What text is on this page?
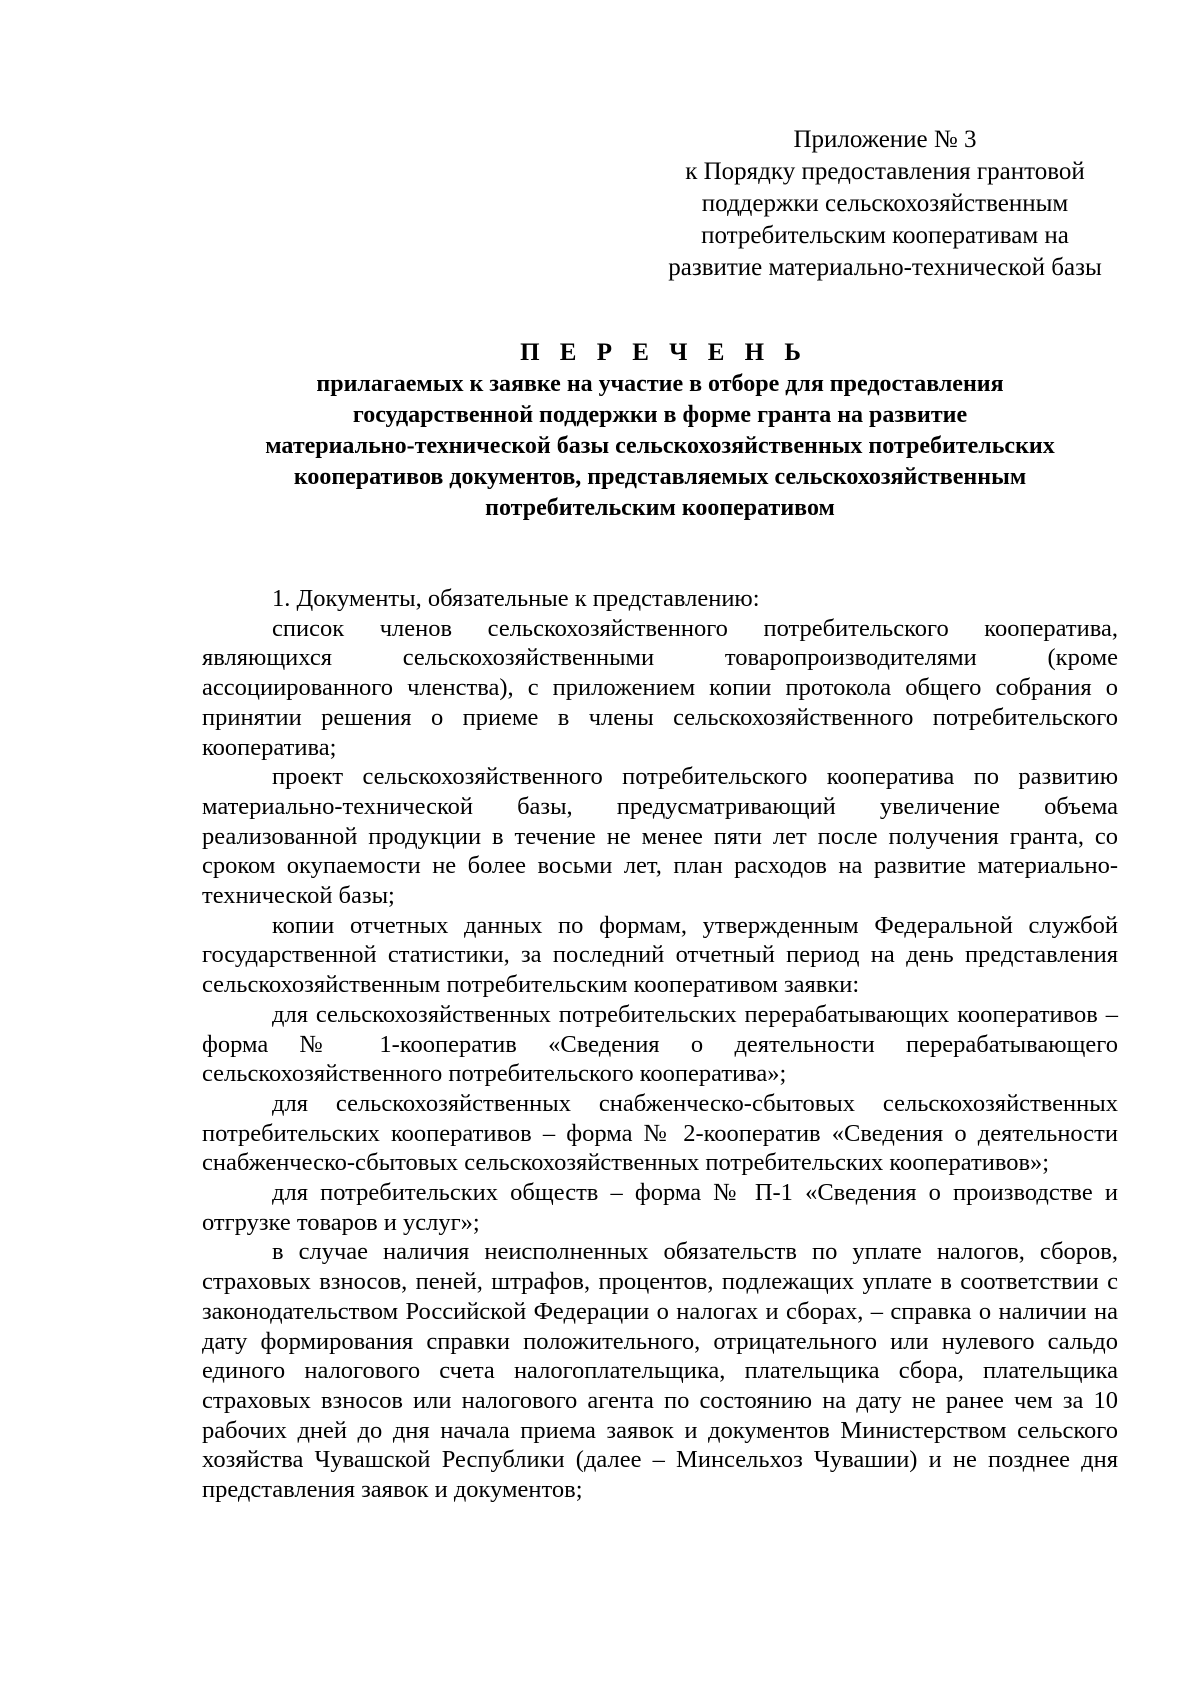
Приложение № 3
к Порядку предоставления грантовой
поддержки сельскохозяйственным
потребительским кооперативам на
развитие материально-технической базы
П Е Р Е Ч Е Н Ь
прилагаемых к заявке на участие в отборе для предоставления
государственной поддержки в форме гранта на развитие
материально-технической базы сельскохозяйственных потребительских
кооперативов документов, представляемых сельскохозяйственным
потребительским кооперативом

1. Документы, обязательные к представлению:

список членов сельскохозяйственного потребительского кооператива, являющихся сельскохозяйственными товаропроизводителями (кроме ассоциированного членства), с приложением копии протокола общего собрания о принятии решения о приеме в члены сельскохозяйственного потребительского кооператива;

проект сельскохозяйственного потребительского кооператива по развитию материально-технической базы, предусматривающий увеличение объема реализованной продукции в течение не менее пяти лет после получения гранта, со сроком окупаемости не более восьми лет, план расходов на развитие материально-технической базы;

копии отчетных данных по формам, утвержденным Федеральной службой государственной статистики, за последний отчетный период на день представления сельскохозяйственным потребительским кооперативом заявки:

для сельскохозяйственных потребительских перерабатывающих кооперативов – форма № 1-кооператив «Сведения о деятельности перерабатывающего сельскохозяйственного потребительского кооператива»;

для сельскохозяйственных снабженческо-сбытовых сельскохозяйственных потребительских кооперативов – форма № 2-кооператив «Сведения о деятельности снабженческо-сбытовых сельскохозяйственных потребительских кооперативов»;

для потребительских обществ – форма № П-1 «Сведения о производстве и отгрузке товаров и услуг»;

в случае наличия неисполненных обязательств по уплате налогов, сборов, страховых взносов, пеней, штрафов, процентов, подлежащих уплате в соответствии с законодательством Российской Федерации о налогах и сборах, – справка о наличии на дату формирования справки положительного, отрицательного или нулевого сальдо единого налогового счета налогоплательщика, плательщика сбора, плательщика страховых взносов или налогового агента по состоянию на дату не ранее чем за 10 рабочих дней до дня начала приема заявок и документов Министерством сельского хозяйства Чувашской Республики (далее – Минсельхоз Чувашии) и не позднее дня представления заявок и документов;
